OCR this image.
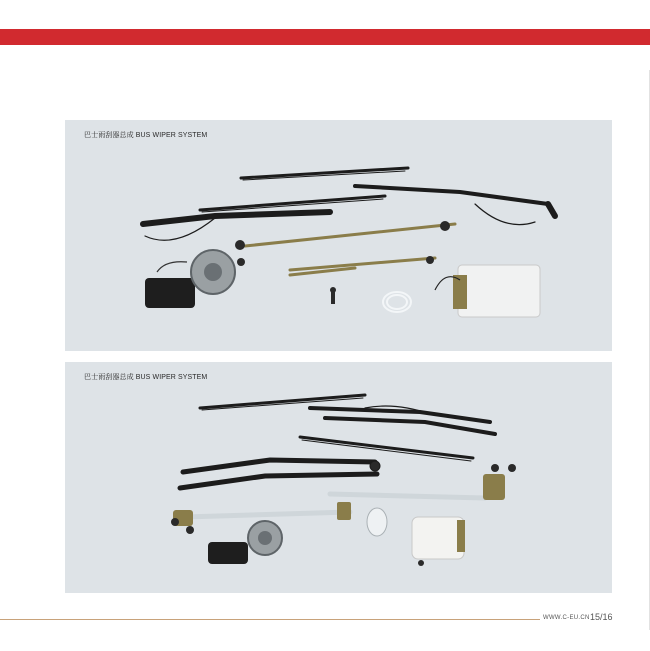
巴士雨刮器总成 BUS WIPER SYSTEM
巴士雨刮器总成 BUS WIPER SYSTEM
WWW.C-EU.CN 15/16
